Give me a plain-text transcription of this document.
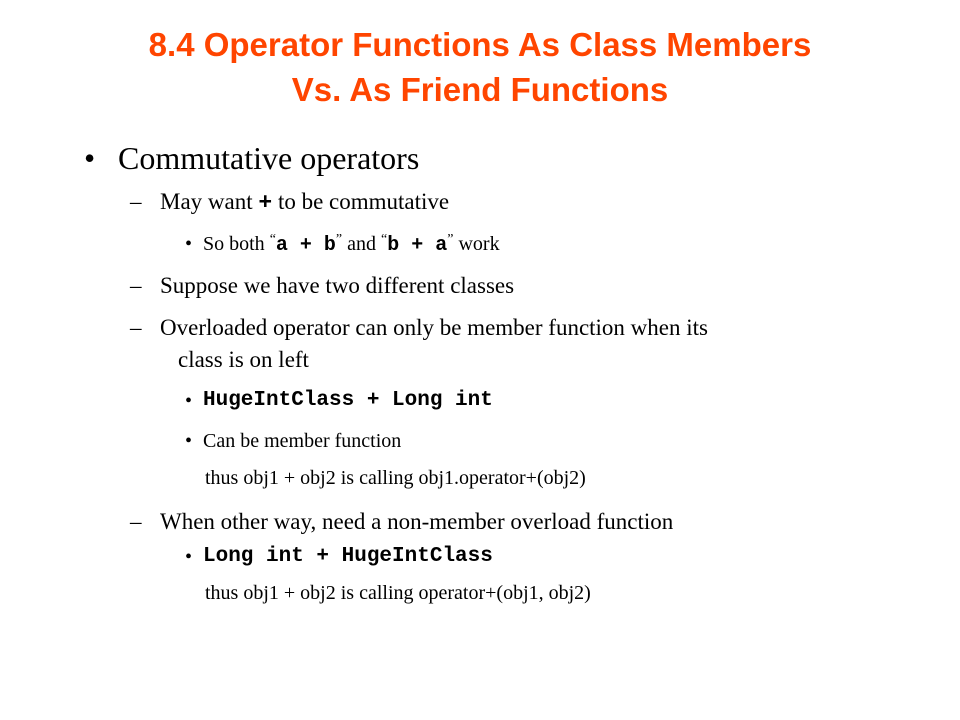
8.4 Operator Functions As Class Members
Vs. As Friend Functions
• Commutative operators
– May want + to be commutative
• So both “a + b” and “b + a” work
– Suppose we have two different classes
– Overloaded operator can only be member function when its
class is on left
• HugeIntClass + Long int
• Can be member function
thus obj1 + obj2 is calling obj1.operator+(obj2)
– When other way, need a non-member overload function
• Long int + HugeIntClass
thus obj1 + obj2 is calling operator+(obj1, obj2)
